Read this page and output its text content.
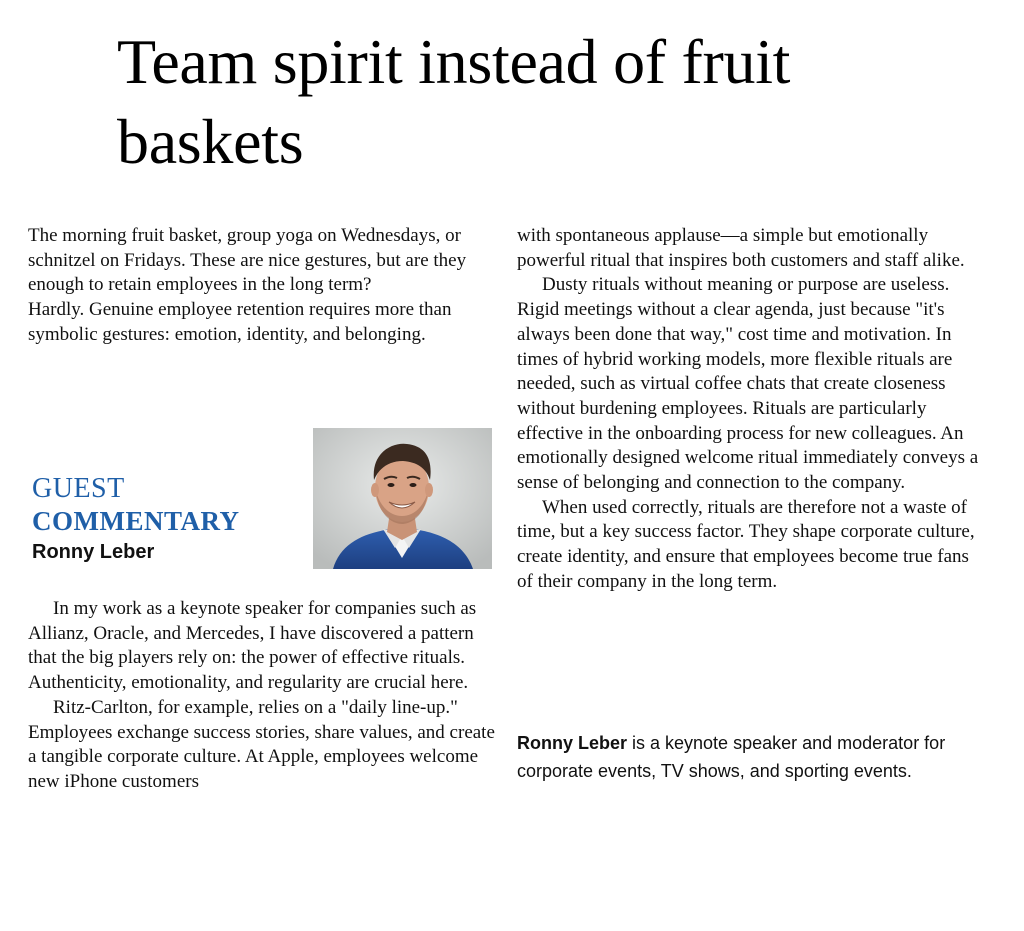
Team spirit instead of fruit baskets

The morning fruit basket, group yoga on Wednesdays, or schnitzel on Fridays. These are nice gestures, but are they enough to retain employees in the long term?

Hardly. Genuine employee retention requires more than symbolic gestures: emotion, identity, and belonging.

GUEST
COMMENTARY
Ronny Leber

In my work as a keynote speaker for companies such as Allianz, Oracle, and Mercedes, I have discovered a pattern that the big players rely on: the power of effective rituals. Authenticity, emotionality, and regularity are crucial here.

Ritz-Carlton, for example, relies on a "daily line-up." Employees exchange success stories, share values, and create a tangible corporate culture. At Apple, employees welcome new iPhone customers

with spontaneous applause—a simple but emotionally powerful ritual that inspires both customers and staff alike.

Dusty rituals without meaning or purpose are useless. Rigid meetings without a clear agenda, just because "it's always been done that way," cost time and motivation. In times of hybrid working models, more flexible rituals are needed, such as virtual coffee chats that create closeness without burdening employees. Rituals are particularly effective in the onboarding process for new colleagues. An emotionally designed welcome ritual immediately conveys a sense of belonging and connection to the company.

When used correctly, rituals are therefore not a waste of time, but a key success factor. They shape corporate culture, create identity, and ensure that employees become true fans of their company in the long term.

Ronny Leber is a keynote speaker and moderator for corporate events, TV shows, and sporting events.
